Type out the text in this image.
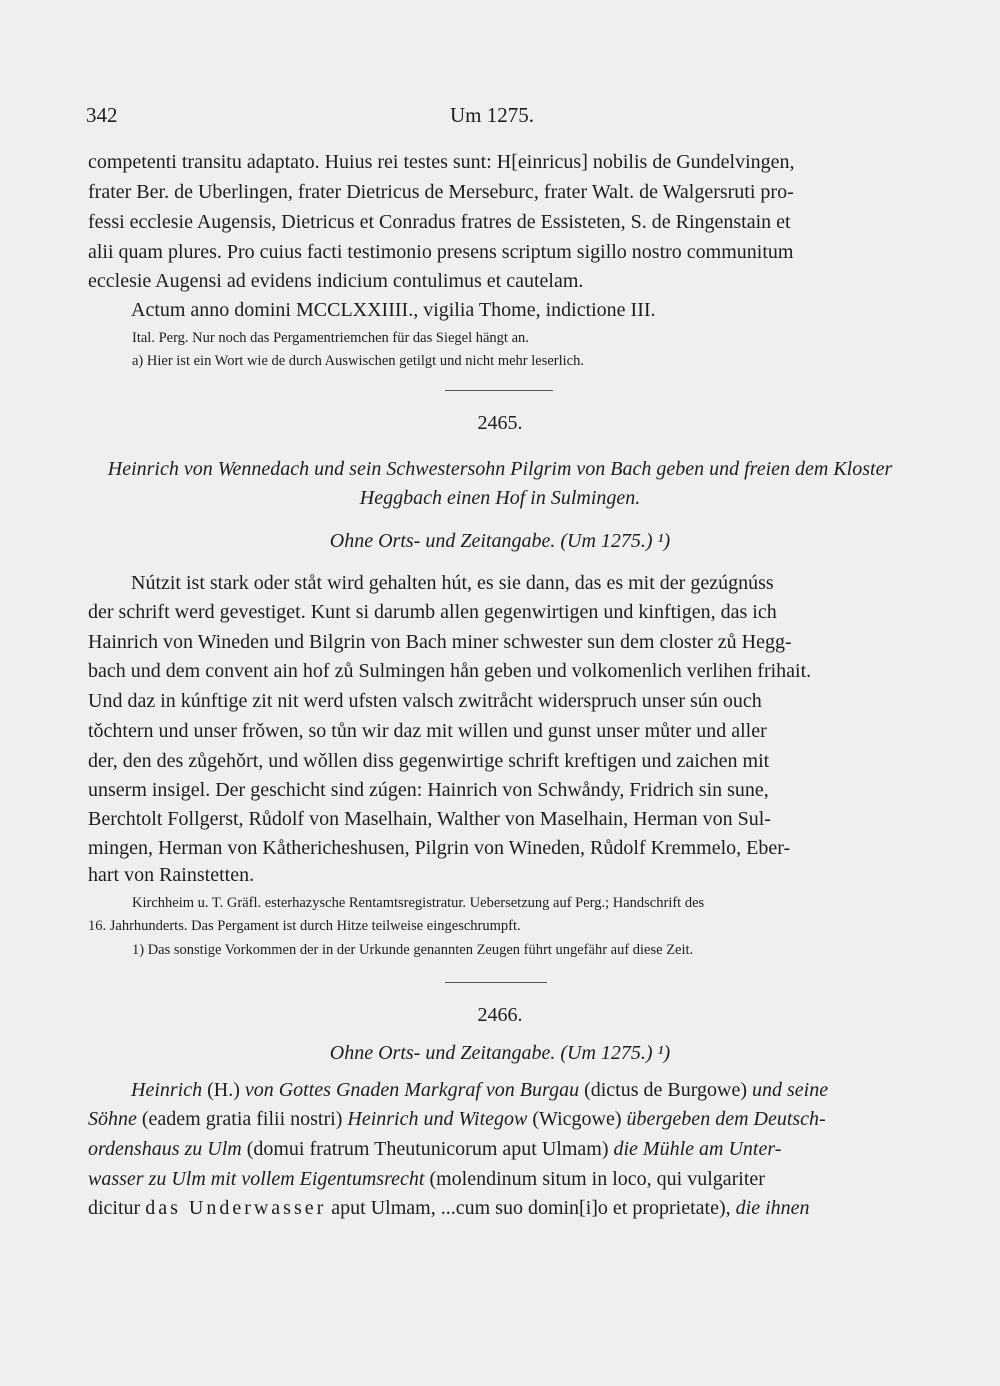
342	Um 1275.
competenti transitu adaptato. Huius rei testes sunt: H[einricus] nobilis de Gundelvingen,
frater Ber. de Uberlingen, frater Dietricus de Merseburc, frater Walt. de Walgersruti pro-
fessi ecclesie Augensis, Dietricus et Conradus fratres de Essisteten, S. de Ringenstain et
alii quam plures. Pro cuius facti testimonio presens scriptum sigillo nostro communitum
ecclesie Augensi ad evidens indicium contulimus et cautelam.
Actum anno domini MCCLXXIIII., vigilia Thome, indictione III.
Ital. Perg. Nur noch das Pergamentriemchen für das Siegel hängt an.
a) Hier ist ein Wort wie de durch Auswischen getilgt und nicht mehr leserlich.
2465.
Heinrich von Wennedach und sein Schwestersohn Pilgrim von Bach geben und freien dem Kloster
Heggbach einen Hof in Sulmingen.
Ohne Orts- und Zeitangabe. (Um 1275.) ¹)
Nútzit ist stark oder ståt wird gehalten hút, es sie dann, das es mit der gezúgnúss
der schrift werd gevestiget. Kunt si darumb allen gegenwirtigen und kinftigen, das ich
Hainrich von Wineden und Bilgrin von Bach miner schwester sun dem closter zů Hegg-
bach und dem convent ain hof zů Sulmingen hån geben und volkomenlich verlihen frihait.
Und daz in kúnftige zit nit werd ufsten valsch zwitråcht widerspruch unser sún ouch
tǒchtern und unser frǒwen, so tůn wir daz mit willen und gunst unser můter und aller
der, den des zůgehǒrt, und wǒllen diss gegenwirtige schrift kreftigen und zaichen mit
unserm insigel. Der geschicht sind zúgen: Hainrich von Schwåndy, Fridrich sin sune,
Berchtolt Follgerst, Růdolf von Maselhain, Walther von Maselhain, Herman von Sul-
mingen, Herman von Kåthericheshusen, Pilgrin von Wineden, Růdolf Kremmelo, Eber-
hart von Rainstetten.
Kirchheim u. T. Gräfl. esterhazysche Rentamtsregistratur. Uebersetzung auf Perg.; Handschrift des
16. Jahrhunderts. Das Pergament ist durch Hitze teilweise eingeschrumpft.
1) Das sonstige Vorkommen der in der Urkunde genannten Zeugen führt ungefähr auf diese Zeit.
2466.
Ohne Orts- und Zeitangabe. (Um 1275.) ¹)
Heinrich (H.) von Gottes Gnaden Markgraf von Burgau (dictus de Burgowe) und seine
Söhne (eadem gratia filii nostri) Heinrich und Witegow (Wicgowe) übergeben dem Deutsch-
ordenshaus zu Ulm (domui fratrum Theutunicorum aput Ulmam) die Mühle am Unter-
wasser zu Ulm mit vollem Eigentumsrecht (molendinum situm in loco, qui vulgariter
dicitur das Underwasser aput Ulmam, ...cum suo domin[i]o et proprietate), die ihnen
